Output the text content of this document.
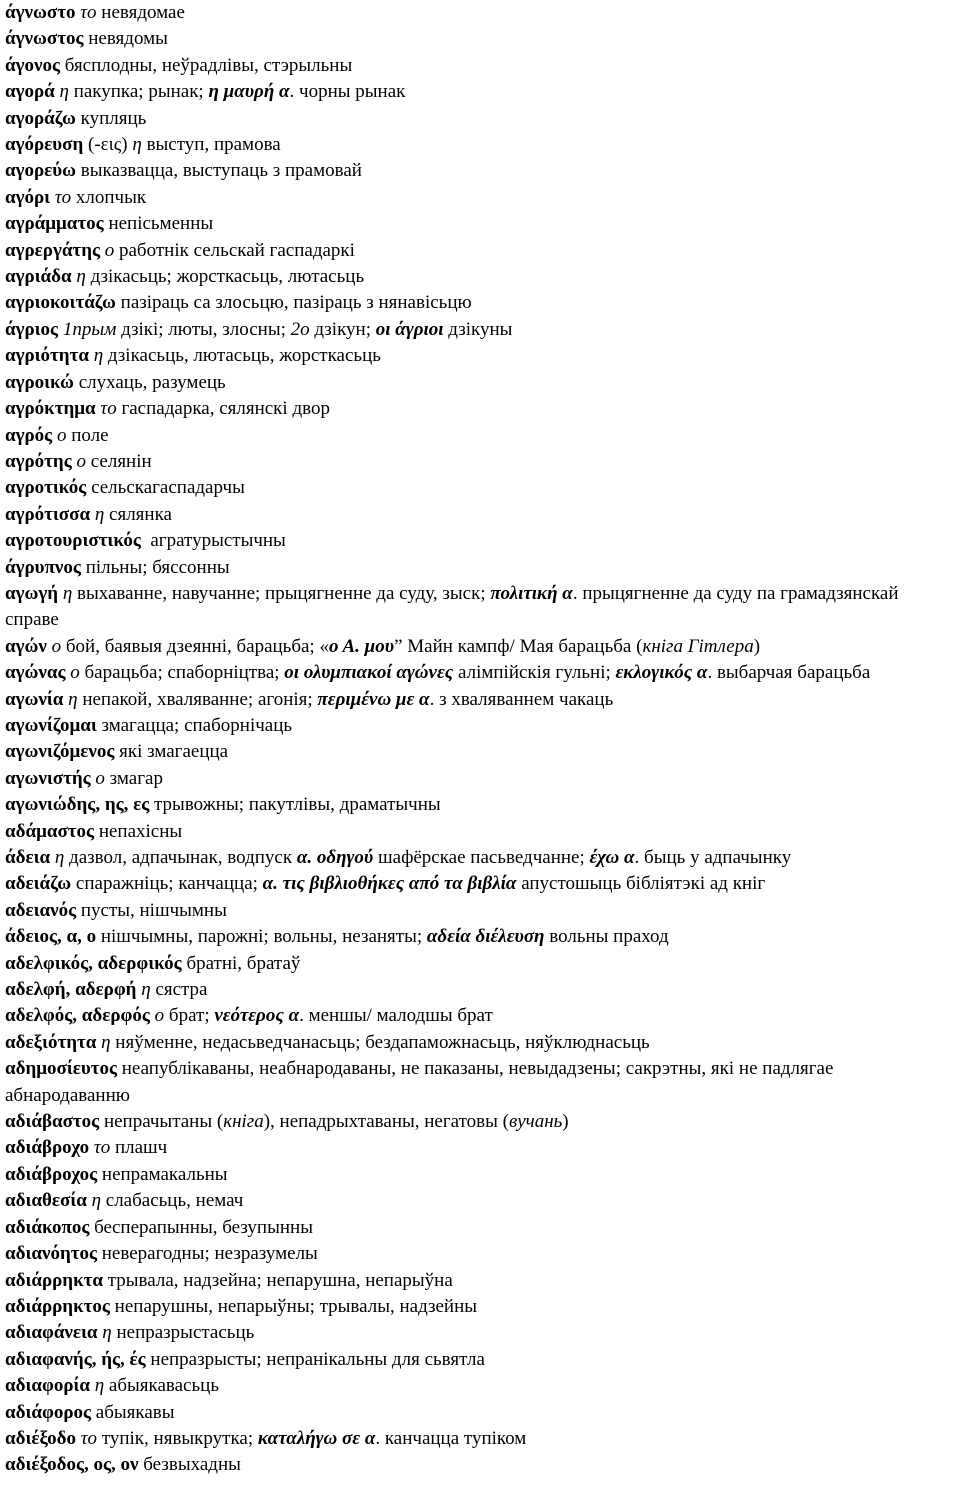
άγνωστο το невядомае
άγνωστος невядомы
άγονος бясплодны, неўрадлівы, стэрыльны
αγορά η пакупка; рынак; η μαυρή α. чорны рынак
αγοράζω купляць
αγόρευση (-εις) η выступ, прамова
αγορεύω выказвацца, выступаць з прамовай
αγόρι το хлопчык
αγράμματος непісьменны
αγρεργάτης ο работнік сельскай гаспадаркі
αγριάδα η дзікасьць; жорсткасьць, лютасьць
αγριοκοιτάζω пазіраць са злосьцю, пазіраць з нянавісьцю
άγριος 1прым дзікі; люты, злосны; 2о дзікун; οι άγριοι дзікуны
αγριότητα η дзікасьць, лютасьць, жорсткасьць
αγροικώ слухаць, разумець
αγρόκτημα το гаспадарка, сялянскі двор
αγρός ο поле
αγρότης ο селянін
αγροτικός сельскагаспадарчы
αγρότισσα η сялянка
αγροτουριστικός  агратурыстычны
άγρυπνος пільны; бяссонны
αγωγή η выхаванне, навучанне; прыцягненне да суду, зыск; πολιτική α. прыцягненне да суду па грамадзянскай справе
αγών ο бой, баявыя дзеянні, барацьба; «ο Α. μου” Майн кампф/ Мая барацьба (кніга Гітлера)
αγώνας ο барацьба; спаборніцтва; οι ολυμπιακοί αγώνες алімпійскія гульні; εκλογικός α. выбарчая барацьба
αγωνία η непакой, хваляванне; агонія; περιμένω με α. з хваляваннем чакаць
αγωνίζομαι змагацца; спаборнічаць
αγωνιζόμενος які змагаецца
αγωνιστής ο змагар
αγωνιώδης, ης, ες трывожны; пакутлівы, драматычны
αδάμαστος непахісны
άδεια η дазвол, адпачынак, водпуск α. οδηγού шафёрскае пасьведчанне; έχω α. быць у адпачынку
αδειάζω спаражніць; канчацца; α. τις βιβλιοθήκες από τα βιβλία апустошыць бібліятэкі ад кніг
αδειανός пусты, нішчымны
άδειος, α, ο нішчымны, парожні; вольны, незаняты; αδεία διέλευση вольны праход
αδελφικός, αδερφικός братні, братаў
αδελφή, αδερφή η сястра
αδελφός, αδερφός ο брат; νεότερος α. меншы/ малодшы брат
αδεξιότητα η няўменне, недасьведчанасьць; бездапаможнасьць, няўклюднасьць
αδημοσίευτος неапублікаваны, неабнародаваны, не паказаны, невыдадзены; сакрэтны, які не падлягае абнародаванню
αδιάβαστος непрачытаны (кніга), непадрыхтаваны, негатовы (вучань)
αδιάβροχο το плашч
αδιάβροχος непрамакальны
αδιαθεσία η слабасьць, немач
αδιάκοπος беcперапынны, безупынны
αδιανόητος неверагодны; незразумелы
αδιάρρηκτα трывала, надзейна; непарушна, непарыўна
αδιάρρηκτος непарушны, непарыўны; трывалы, надзейны
αδιαφάνεια η непразрыстасьць
αδιαφανής, ής, ές непразрысты; непранікальны для сьвятла
αδιαφορία η абыякавасьць
αδιάφορος абыякавы
αδιέξοδο το тупік, нявыкрутка; καταλήγω σε α. канчацца тупіком
αδιέξοδος, ος, ον безвыхадны
